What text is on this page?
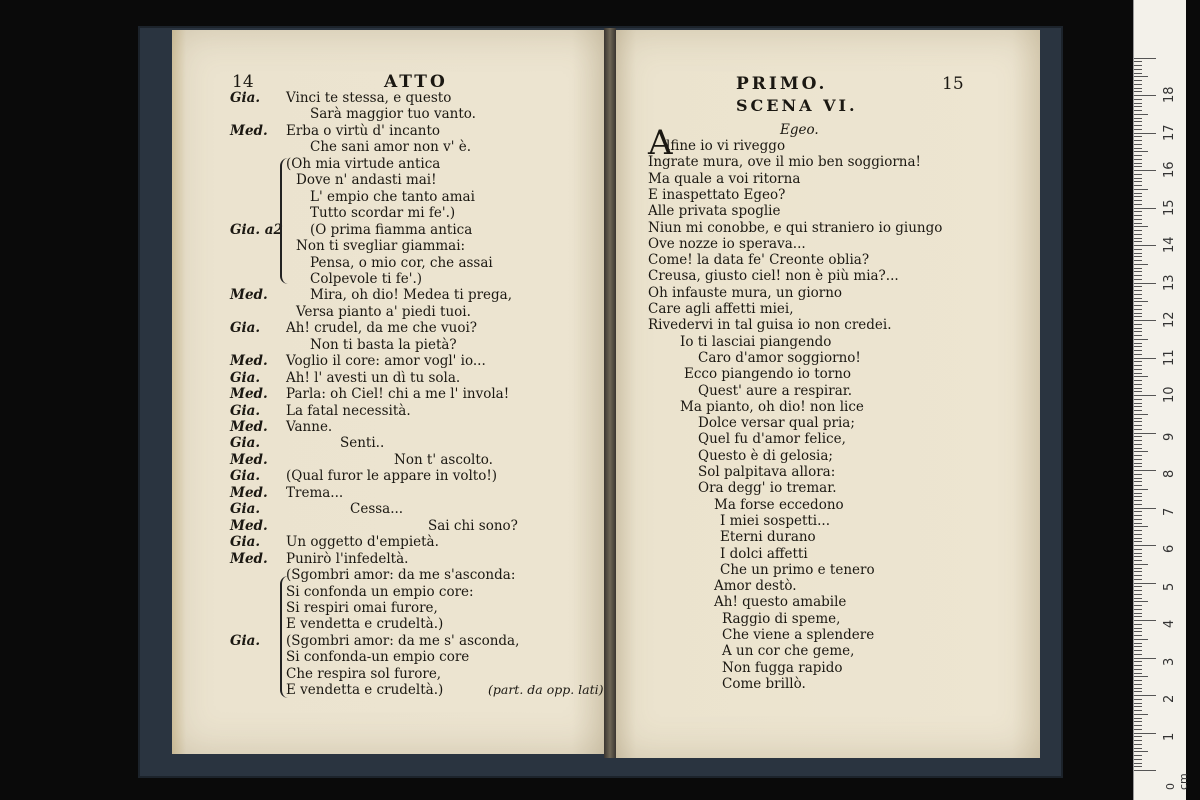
14	ATTO
Gia. Vinci te stessa, e questo
Sarà maggior tuo vanto.
Med. Erba o virtù d' incanto
Che sani amor non v' è.
(Oh mia virtude antica
Dove n' andasti mai!
L' empio che tanto amai
Tutto scordar mi fe'.)
Gia. a2 (O prima fiamma antica
Non ti svegliar giammai:
Pensa, o mio cor, che assai
Colpevole ti fe'.)
Med.	Mira, oh dio! Medea ti prega,
Versa pianto a' piedi tuoi.
Gia. Ah! crudel, da me che vuoi?
Non ti basta la pietà?
Med. Voglio il core: amor vogl' io...
Gia. Ah! l' avesti un dì tu sola.
Med. Parla: oh Ciel! chi a me l' invola!
Gia. La fatal necessità.
Med. Vanne.
Gia.	Senti..
Med.	Non t' ascolto.
Gia. (Qual furor le appare in volto!)
Med. Trema...
Gia.	Cessa...
Med.	Sai chi sono?
Gia. Un oggetto d'empietà.
Med. Punirò l'infedeltà.
(Sgombri amor: da me s'asconda:
Si confonda un empio core:
Si respiri omai furore,
E vendetta e crudeltà.)
Gia. (Sgombri amor: da me s' asconda,
Si confonda-un empio core
Che respira sol furore,
E vendetta e crudeltà.)	(part. da opp. lati)
PRIMO.	15
SCENA VI.
Egeo.
A
lfine io vi riveggo
Ingrate mura, ove il mio ben soggiorna!
Ma quale a voi ritorna
E inaspettato Egeo?
Alle privata spoglie
Niun mi conobbe, e qui straniero io giungo
Ove nozze io sperava...
Come! la data fe' Creonte oblia?
Creusa, giusto ciel! non è più mia?...
Oh infauste mura, un giorno
Care agli affetti miei,
Rivedervi in tal guisa io non credei.
Io ti lasciai piangendo
Caro d'amor soggiorno!
Ecco piangendo io torno
Quest' aure a respirar.
Ma pianto, oh dio! non lice
Dolce versar qual pria;
Quel fu d'amor felice,
Questo è di gelosia;
Sol palpitava allora:
Ora degg' io tremar.
Ma forse eccedono
I miei sospetti...
Eterni durano
I dolci affetti
Che un primo e tenero
Amor destò.
Ah! questo amabile
Raggio di speme,
Che viene a splendere
A un cor che geme,
Non fugga rapido
Come brillò.
0 cm
1
2
3
4
5
6
7
8
9
10
11
12
13
14
15
16
17
18
